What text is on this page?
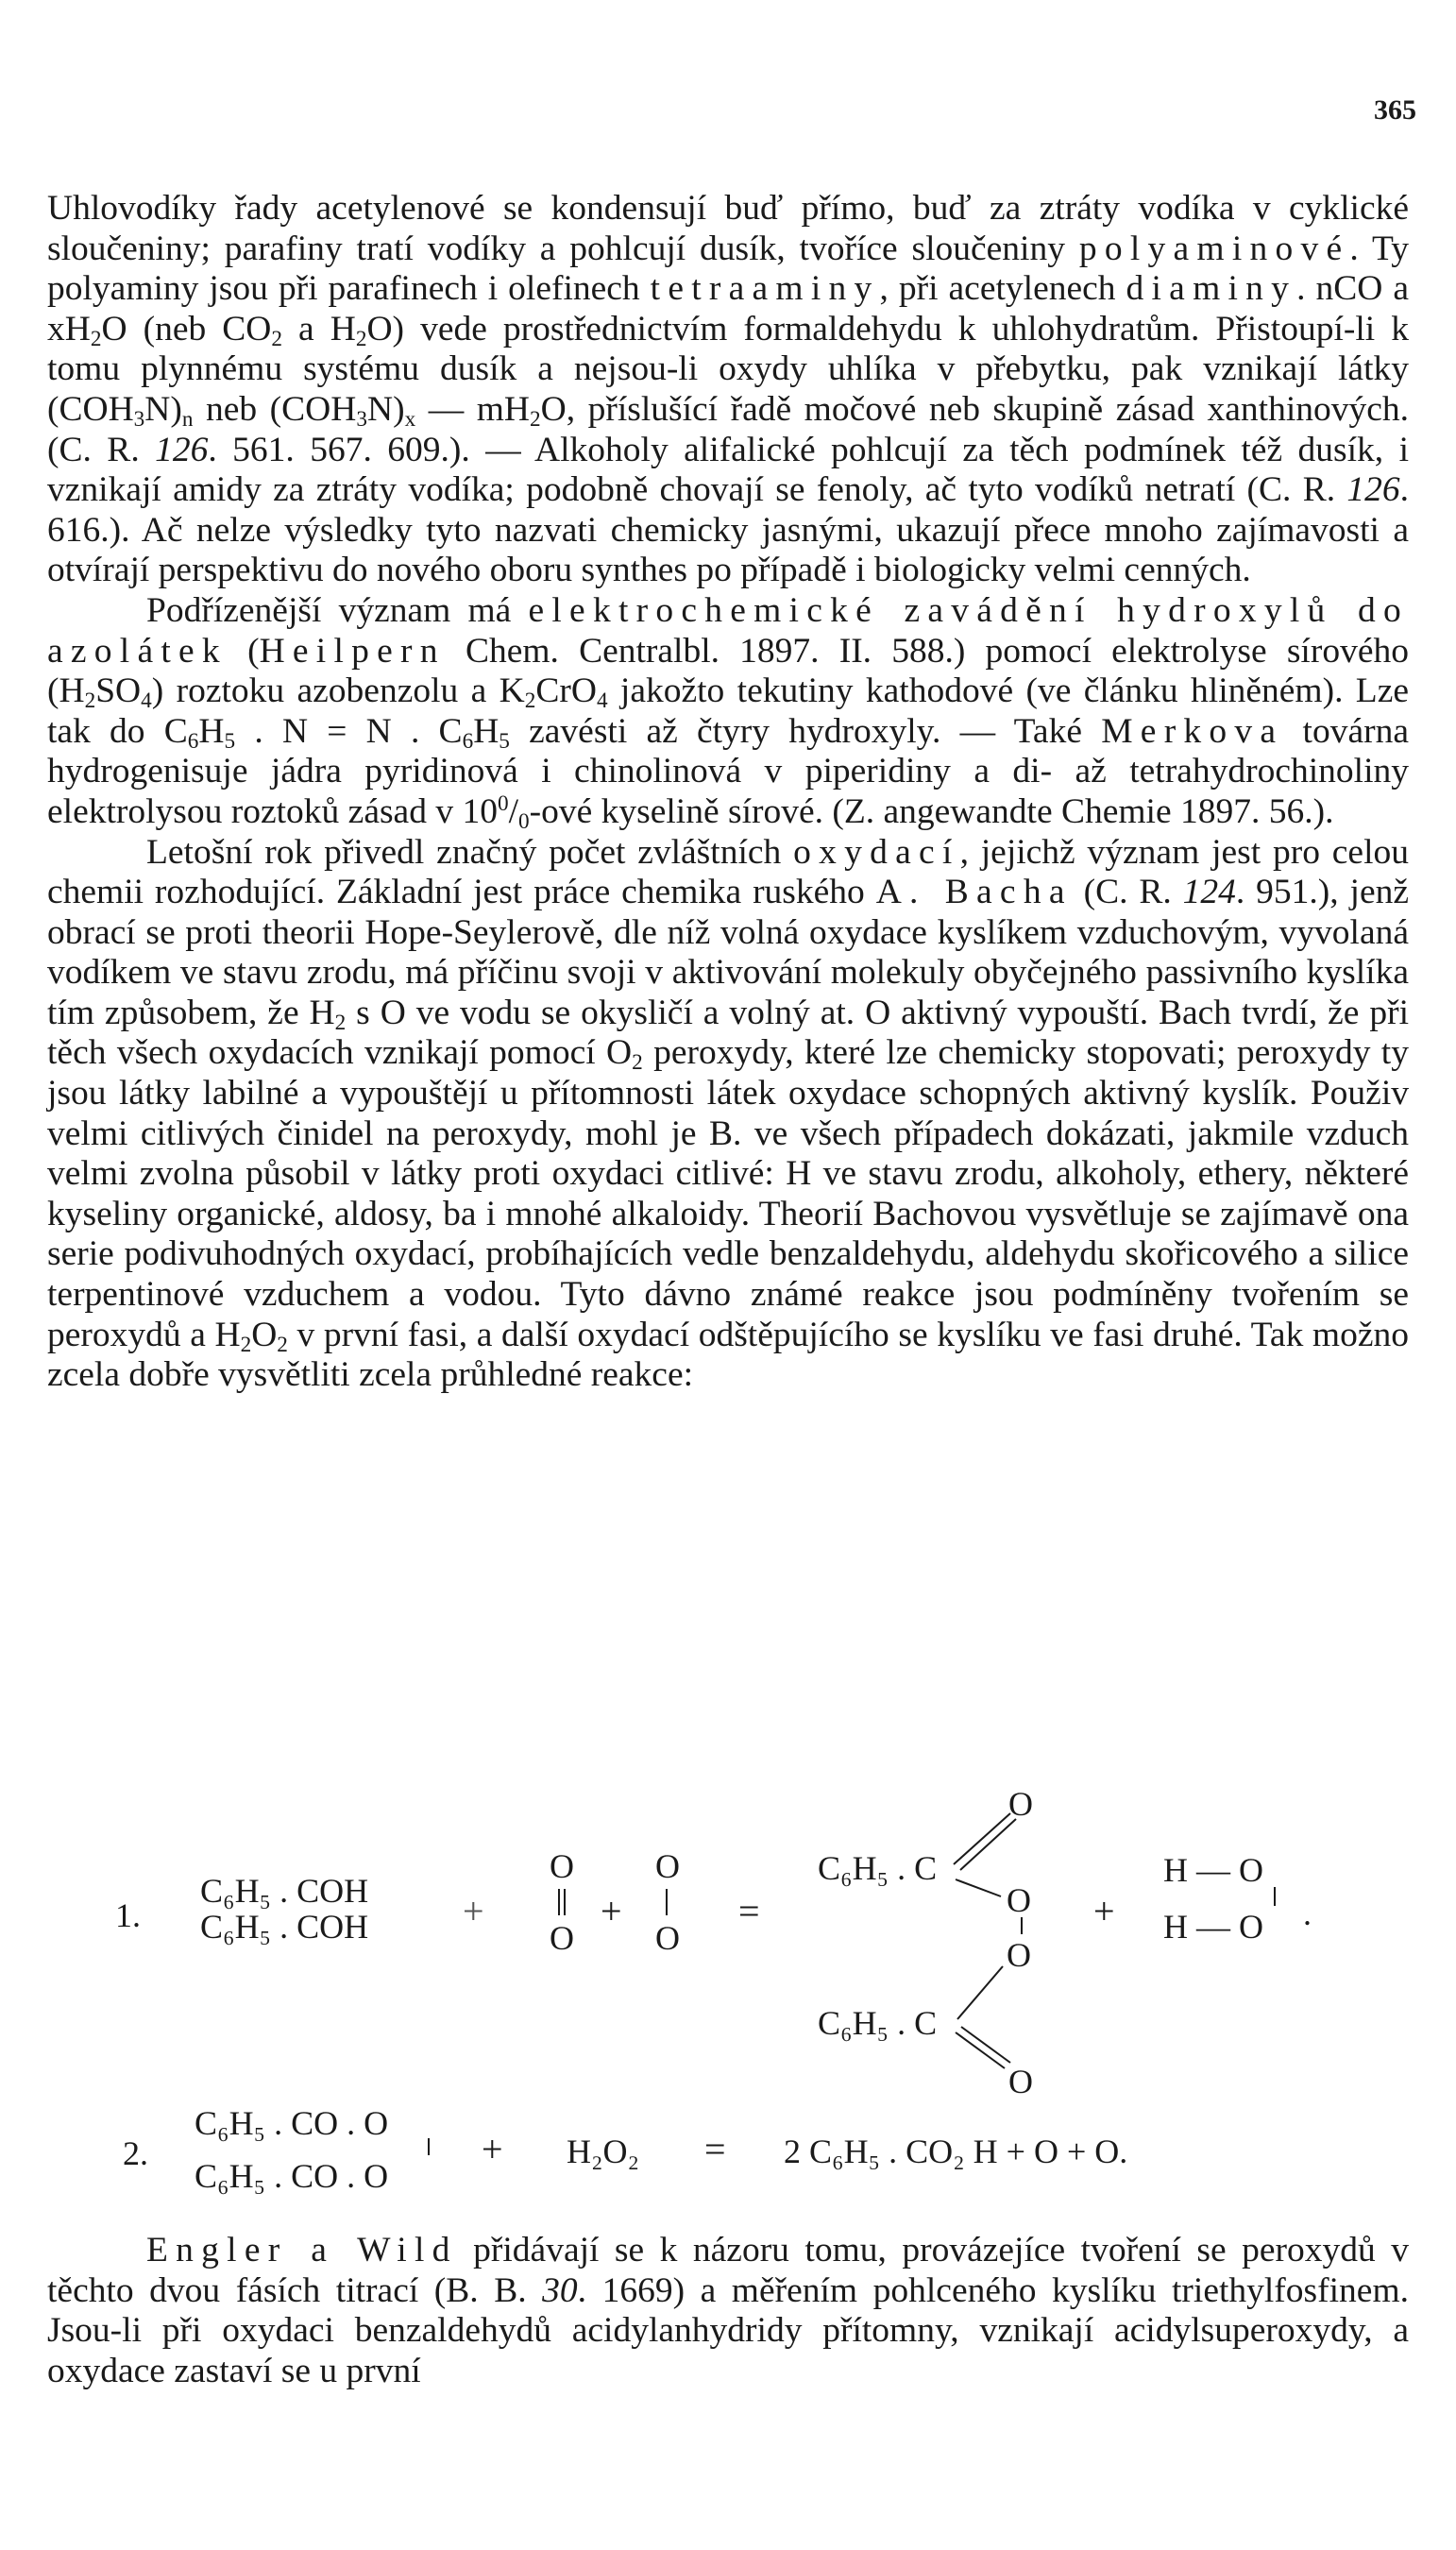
365

Uhlovodíky řady acetylenové se kondensují buď přímo, buď za ztráty vodíka v cyklické sloučeniny; parafiny tratí vodíky a pohlcují dusík, tvoříce sloučeniny polyaminové. Ty polyaminy jsou při parafinech i olefinech tetraaminy, při acetylenech diaminy. nCO a $xH_2O$ (neb $CO_2$ a $H_2O$) vede prostřednictvím formaldehydu k uhlohydratům. Přistoupí-li k tomu plynnému systému dusík a nejsou-li oxydy uhlíka v přebytku, pak vznikají látky $(COH_3N)_n$ neb $(COH_3N)_x$ — $mH_2O$, příslušící řadě močové neb skupině zásad xanthinových. (C. R. 126. 561. 567. 609.). — Alkoholy alifalické pohlcují za těch podmínek též dusík, i vznikají amidy za ztráty vodíka; podobně chovají se fenoly, ač tyto vodíků netratí (C. R. 126. 616.). Ač nelze výsledky tyto nazvati chemicky jasnými, ukazují přece mnoho zajímavosti a otvírají perspektivu do nového oboru synthes po případě i biologicky velmi cenných.

Podřízenější význam má elektrochemické zavádění hydroxylů do azolátek (Heilpern Chem. Centralbl. 1897. II. 588.) pomocí elektrolyse sírového $(H_2SO_4)$ roztoku azobenzolu a $K_2CrO_4$ jakožto tekutiny kathodové (ve článku hliněném). Lze tak do $C_6H_5$ . N = N . $C_6H_5$ zavésti až čtyry hydroxyly. — Také Merkova továrna hydrogenisuje jádra pyridinová i chinolinová v piperidiny a di- až tetrahydrochinoliny elektrolysou roztoků zásad v $10^0/_0$-ové kyselině sírové. (Z. angewandte Chemie 1897. 56.).

Letošní rok přivedl značný počet zvláštních oxydací, jejichž význam jest pro celou chemii rozhodující. Základní jest práce chemika ruského A. Bacha (C. R. 124. 951.), jenž obrací se proti theorii Hope-Seylerově, dle níž volná oxydace kyslíkem vzduchovým, vyvolaná vodíkem ve stavu zrodu, má příčinu svoji v aktivování molekuly obyčejného passivního kyslíka tím způsobem, že $H_2$ s O ve vodu se okysličí a volný at. O aktivný vypouští. Bach tvrdí, že při těch všech oxydacích vznikají pomocí $O_2$ peroxydy, které lze chemicky stopovati; peroxydy ty jsou látky labilné a vypouštějí u přítomnosti látek oxydace schopných aktivný kyslík. Použiv velmi citlivých činidel na peroxydy, mohl je B. ve všech případech dokázati, jakmile vzduch velmi zvolna působil v látky proti oxydaci citlivé: H ve stavu zrodu, alkoholy, ethery, některé kyseliny organické, aldosy, ba i mnohé alkaloidy. Theorií Bachovou vysvětluje se zajímavě ona serie podivuhodných oxydací, probíhajících vedle benzaldehydu, aldehydu skořicového a silice terpentinové vzduchem a vodou. Tyto dávno známé reakce jsou podmíněny tvořením se peroxydů a $H_2O_2$ v první fasi, a další oxydací odštěpujícího se kyslíku ve fasi druhé. Tak možno zcela dobře vysvětliti zcela průhledné reakce:

1.
C₆H₅ . COH
C₆H₅ . COH +
O
O
+
O
O
=
O
C₆H₅ . C
O +
O
C₆H₅ . C
O
H — O
H — O .
2.
C₆H₅ . CO . O
C₆H₅ . CO . O
+ H₂O₂ = 2 C₆H₅ . CO₂ H + O + O.

Engler a Wild přidávají se k názoru tomu, provázejíce tvoření se peroxydů v těchto dvou fásích titrací (B. B. 30. 1669) a měřením pohlceného kyslíku triethylfosfinem. Jsou-li při oxydaci benzaldehydů acidylanhydridy přítomny, vznikají acidylsuperoxydy, a oxydace zastaví se u první
